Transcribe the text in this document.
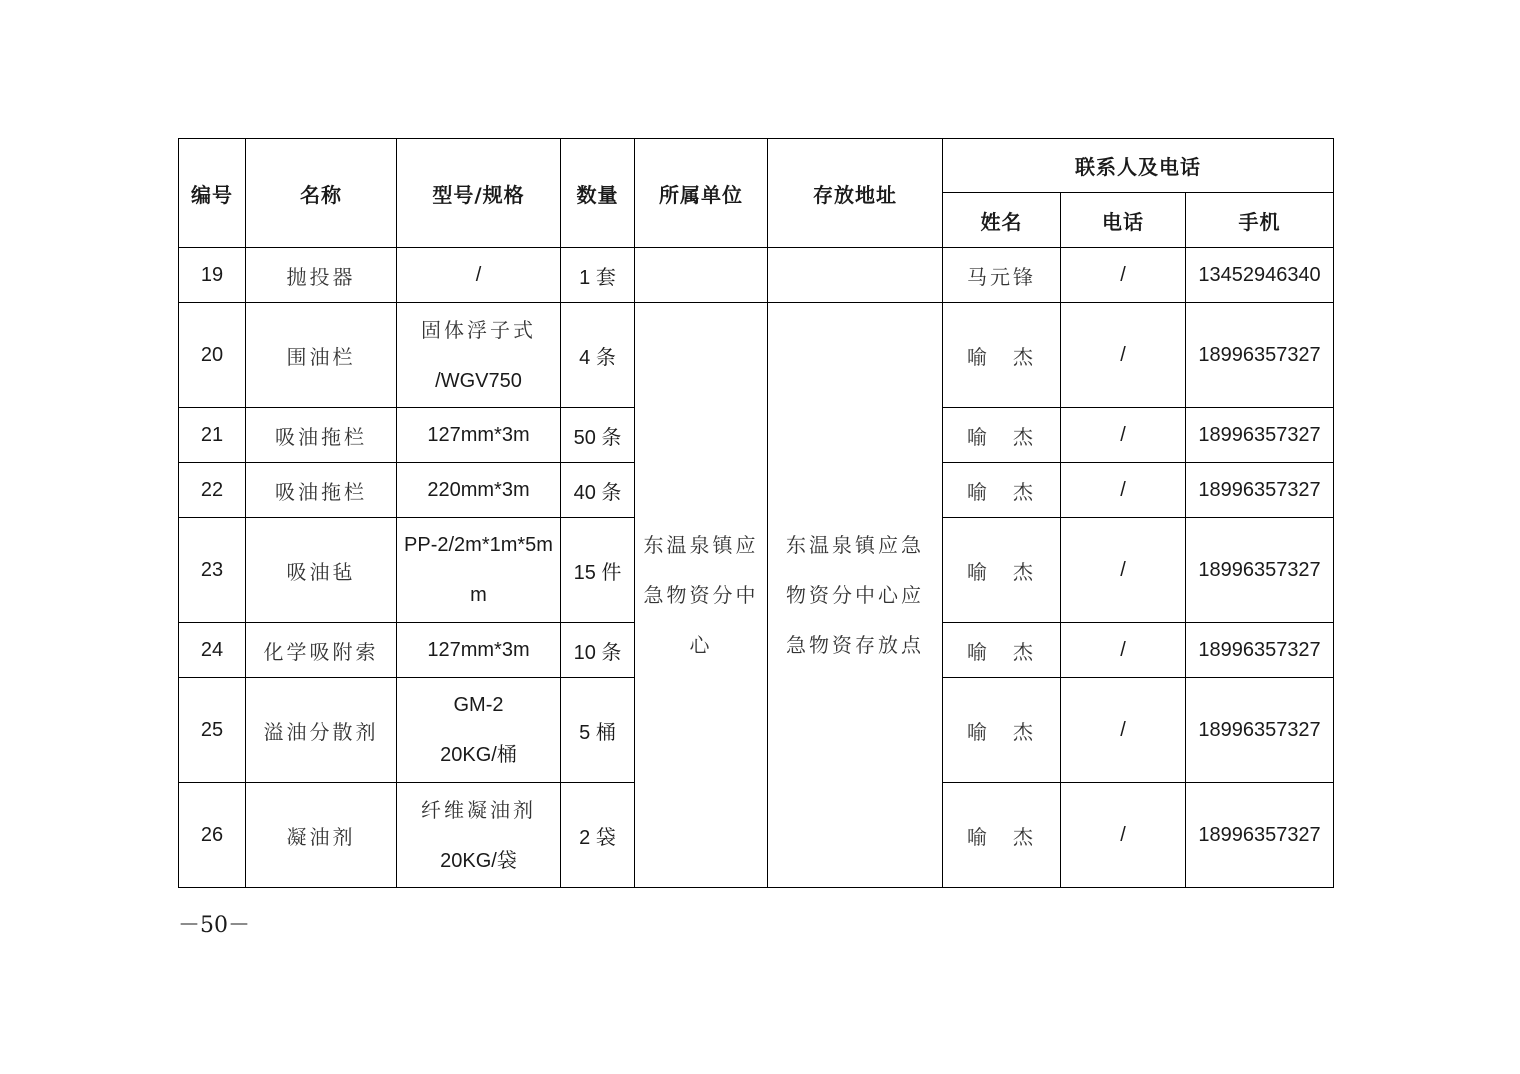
编号	名称	型号/规格	数量	所属单位	存放地址	联系人及电话		
						姓名	电话	手机
19	抛投器	/	1 套			马元锋	/	13452946340
20	围油栏	固体浮子式
/WGV750	4 条	东温泉镇应急物资分中心	东温泉镇应急物资分中心应急物资存放点	喻　杰	/	18996357327
21	吸油拖栏	127mm*3m	50 条			喻　杰	/	18996357327
22	吸油拖栏	220mm*3m	40 条			喻　杰	/	18996357327
23	吸油毡	PP-2/2m*1m*5m
m	15 件			喻　杰	/	18996357327
24	化学吸附索	127mm*3m	10 条			喻　杰	/	18996357327
25	溢油分散剂	GM-2
20KG/桶	5 桶			喻　杰	/	18996357327
26	凝油剂	纤维凝油剂
20KG/袋	2 袋			喻　杰	/	18996357327
－50－
